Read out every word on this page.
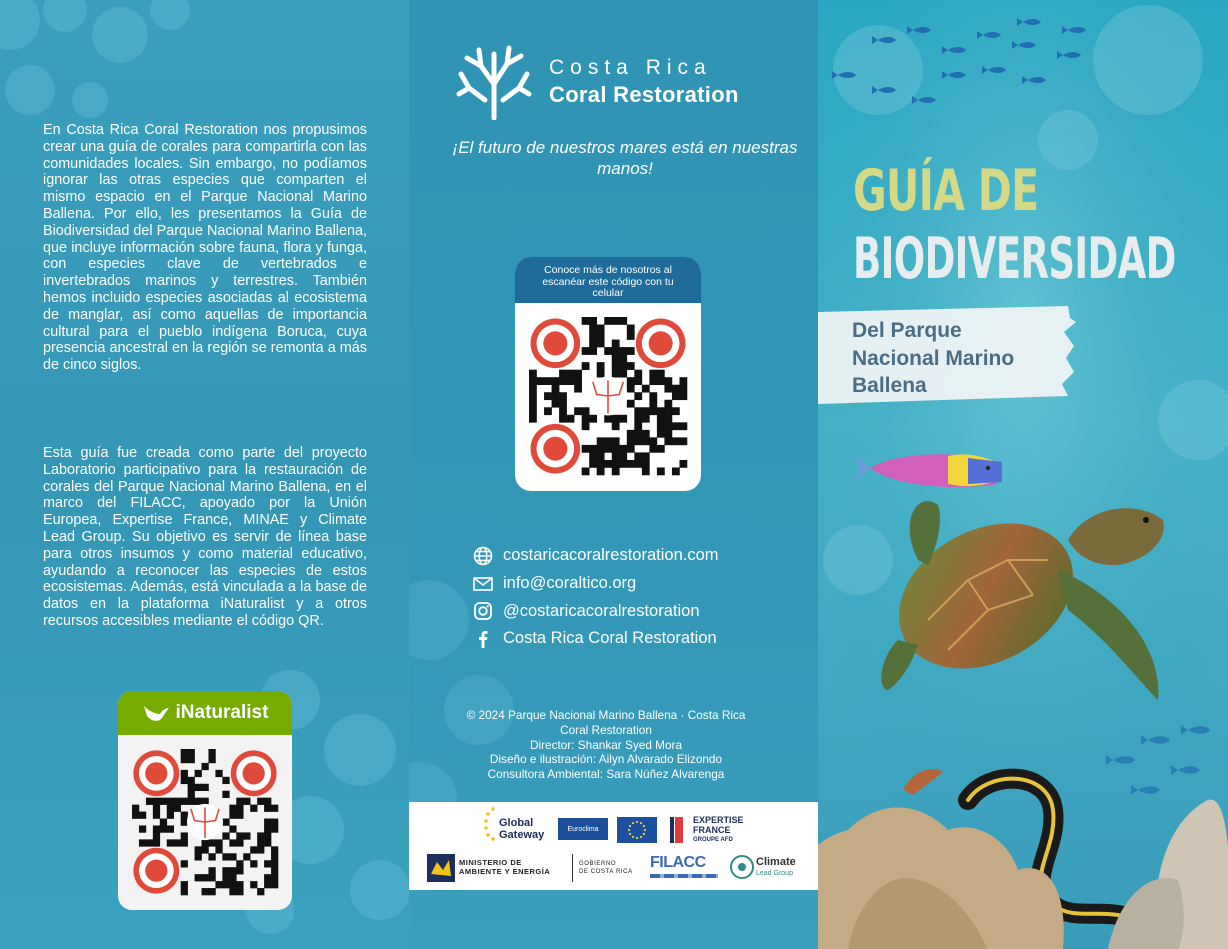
En Costa Rica Coral Restoration nos propusimos crear una guía de corales para compartirla con las comunidades locales. Sin embargo, no podíamos ignorar las otras especies que comparten el mismo espacio en el Parque Nacional Marino Ballena. Por ello, les presentamos la Guía de Biodiversidad del Parque Nacional Marino Ballena, que incluye información sobre fauna, flora y funga, con especies clave de vertebrados e invertebrados marinos y terrestres. También hemos incluido especies asociadas al ecosistema de manglar, así como aquellas de importancia cultural para el pueblo indígena Boruca, cuya presencia ancestral en la región se remonta a más de cinco siglos.

Esta guía fue creada como parte del proyecto Laboratorio participativo para la restauración de corales del Parque Nacional Marino Ballena, en el marco del FILACC, apoyado por la Unión Europea, Expertise France, MINAE y Climate Lead Group. Su objetivo es servir de línea base para otros insumos y como material educativo, ayudando a reconocer las especies de estos ecosistemas. Además, está vinculada a la base de datos en la plataforma iNaturalist y a otros recursos accesibles mediante el código QR.

iNaturalist
Costa Rica
Coral Restoration

¡El futuro de nuestros mares está en nuestras manos!

Conoce más de nosotros al escanéar este código con tu celular
costaricacoralrestoration.com
info@coraltico.org
@costaricacoralrestoration
Costa Rica Coral Restoration
© 2024 Parque Nacional Marino Ballena · Costa Rica Coral Restoration
Director: Shankar Syed Mora
Diseño e ilustración: Ailyn Alvarado Elizondo
Consultora Ambiental: Sara Núñez Alvarenga
Global Gateway	Euroclima
EXPERTISE
FRANCE
GROUPE AFD
MINISTERIO DE
AMBIENTE Y ENERGÍA
GOBIERNO
DE COSTA RICA
FILACC	Climate
Lead Group

GUÍA DE

BIODIVERSIDAD

Del Parque
Nacional Marino
Ballena
